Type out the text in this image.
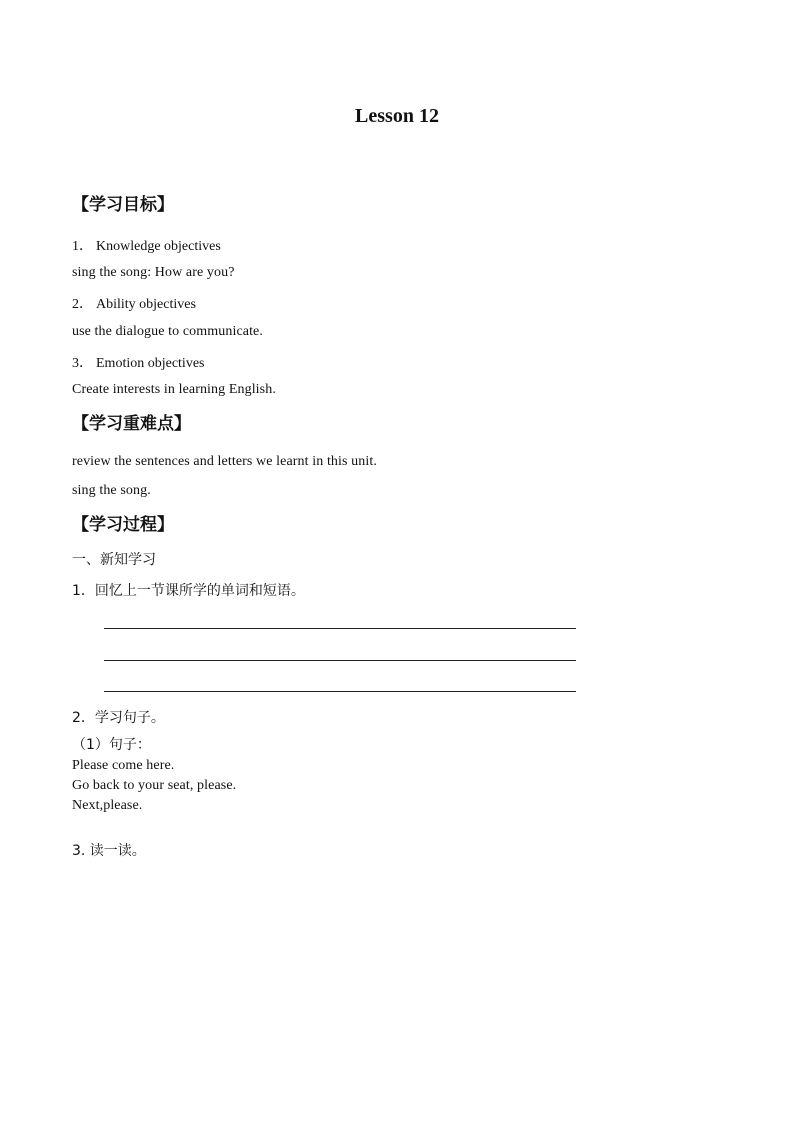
Lesson 12
【学习目标】
1． Knowledge objectives
sing the song: How are you?
2． Ability objectives
use the dialogue to communicate.
3． Emotion objectives
Create interests in learning English.
【学习重难点】
review the sentences and letters we learnt in this unit.
sing the song.
【学习过程】
一、新知学习
1．回忆上一节课所学的单词和短语。
2．学习句子。
（1）句子：
Please come here.
Go back to your seat, please.
Next,please.
3. 读一读。
